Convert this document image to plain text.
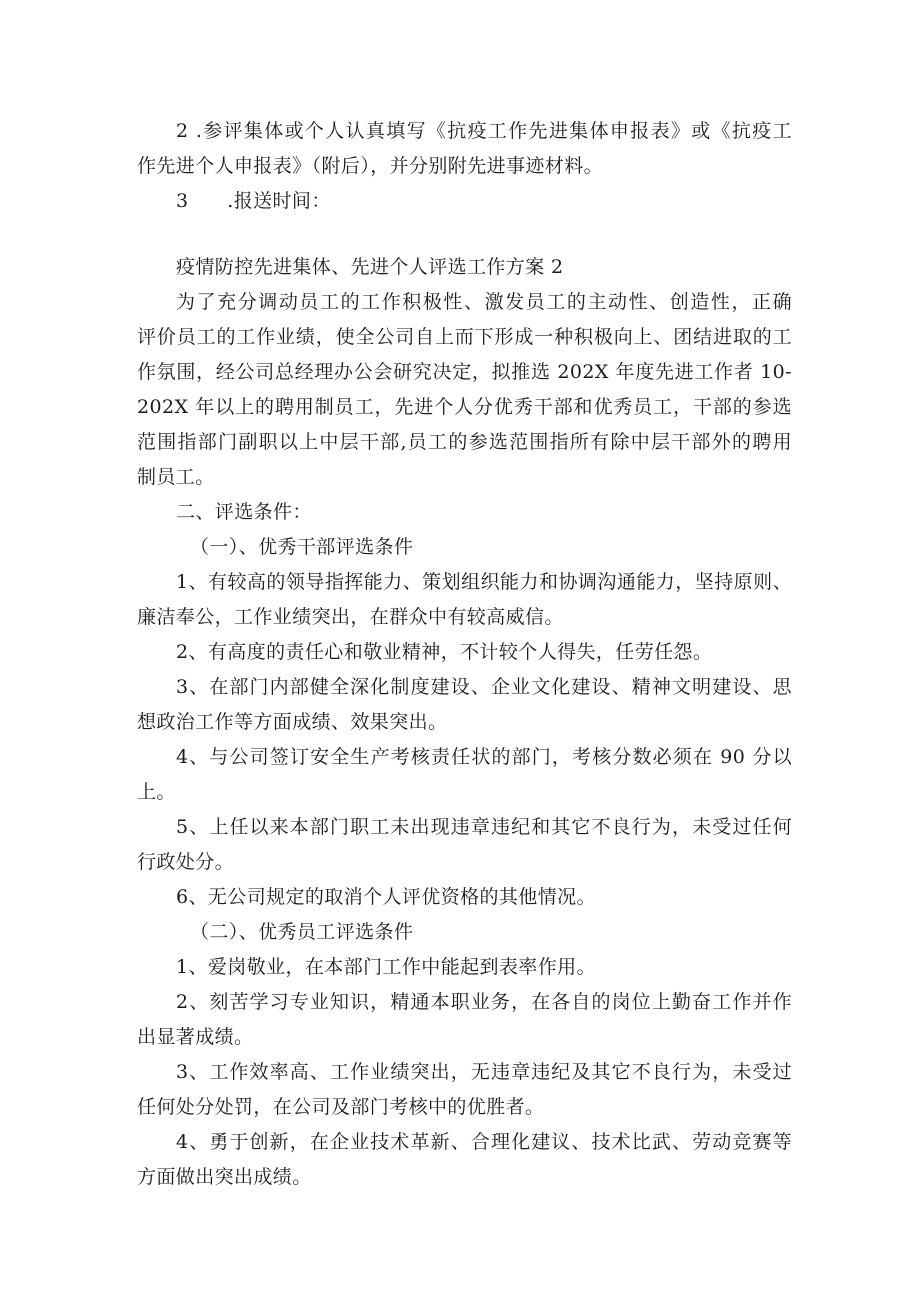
2 .参评集体或个人认真填写《抗疫工作先进集体申报表》或《抗疫工
作先进个人申报表》（附后），并分别附先进事迹材料。
3　　.报送时间：
疫情防控先进集体、先进个人评选工作方案 2
为了充分调动员工的工作积极性、激发员工的主动性、创造性，正确
评价员工的工作业绩，使全公司自上而下形成一种积极向上、团结进取的工
作氛围，经公司总经理办公会研究决定，拟推选 202X 年度先进工作者 10-
202X 年以上的聘用制员工，先进个人分优秀干部和优秀员工，干部的参选
范围指部门副职以上中层干部,员工的参选范围指所有除中层干部外的聘用
制员工。
二、评选条件：
（一）、优秀干部评选条件
1、有较高的领导指挥能力、策划组织能力和协调沟通能力，坚持原则、
廉洁奉公，工作业绩突出，在群众中有较高威信。
2、有高度的责任心和敬业精神，不计较个人得失，任劳任怨。
3、在部门内部健全深化制度建设、企业文化建设、精神文明建设、思
想政治工作等方面成绩、效果突出。
4、与公司签订安全生产考核责任状的部门，考核分数必须在 90 分以
上。
5、上任以来本部门职工未出现违章违纪和其它不良行为，未受过任何
行政处分。
6、无公司规定的取消个人评优资格的其他情况。
（二）、优秀员工评选条件
1、爱岗敬业，在本部门工作中能起到表率作用。
2、刻苦学习专业知识，精通本职业务，在各自的岗位上勤奋工作并作
出显著成绩。
3、工作效率高、工作业绩突出，无违章违纪及其它不良行为，未受过
任何处分处罚，在公司及部门考核中的优胜者。
4、勇于创新，在企业技术革新、合理化建议、技术比武、劳动竞赛等
方面做出突出成绩。
